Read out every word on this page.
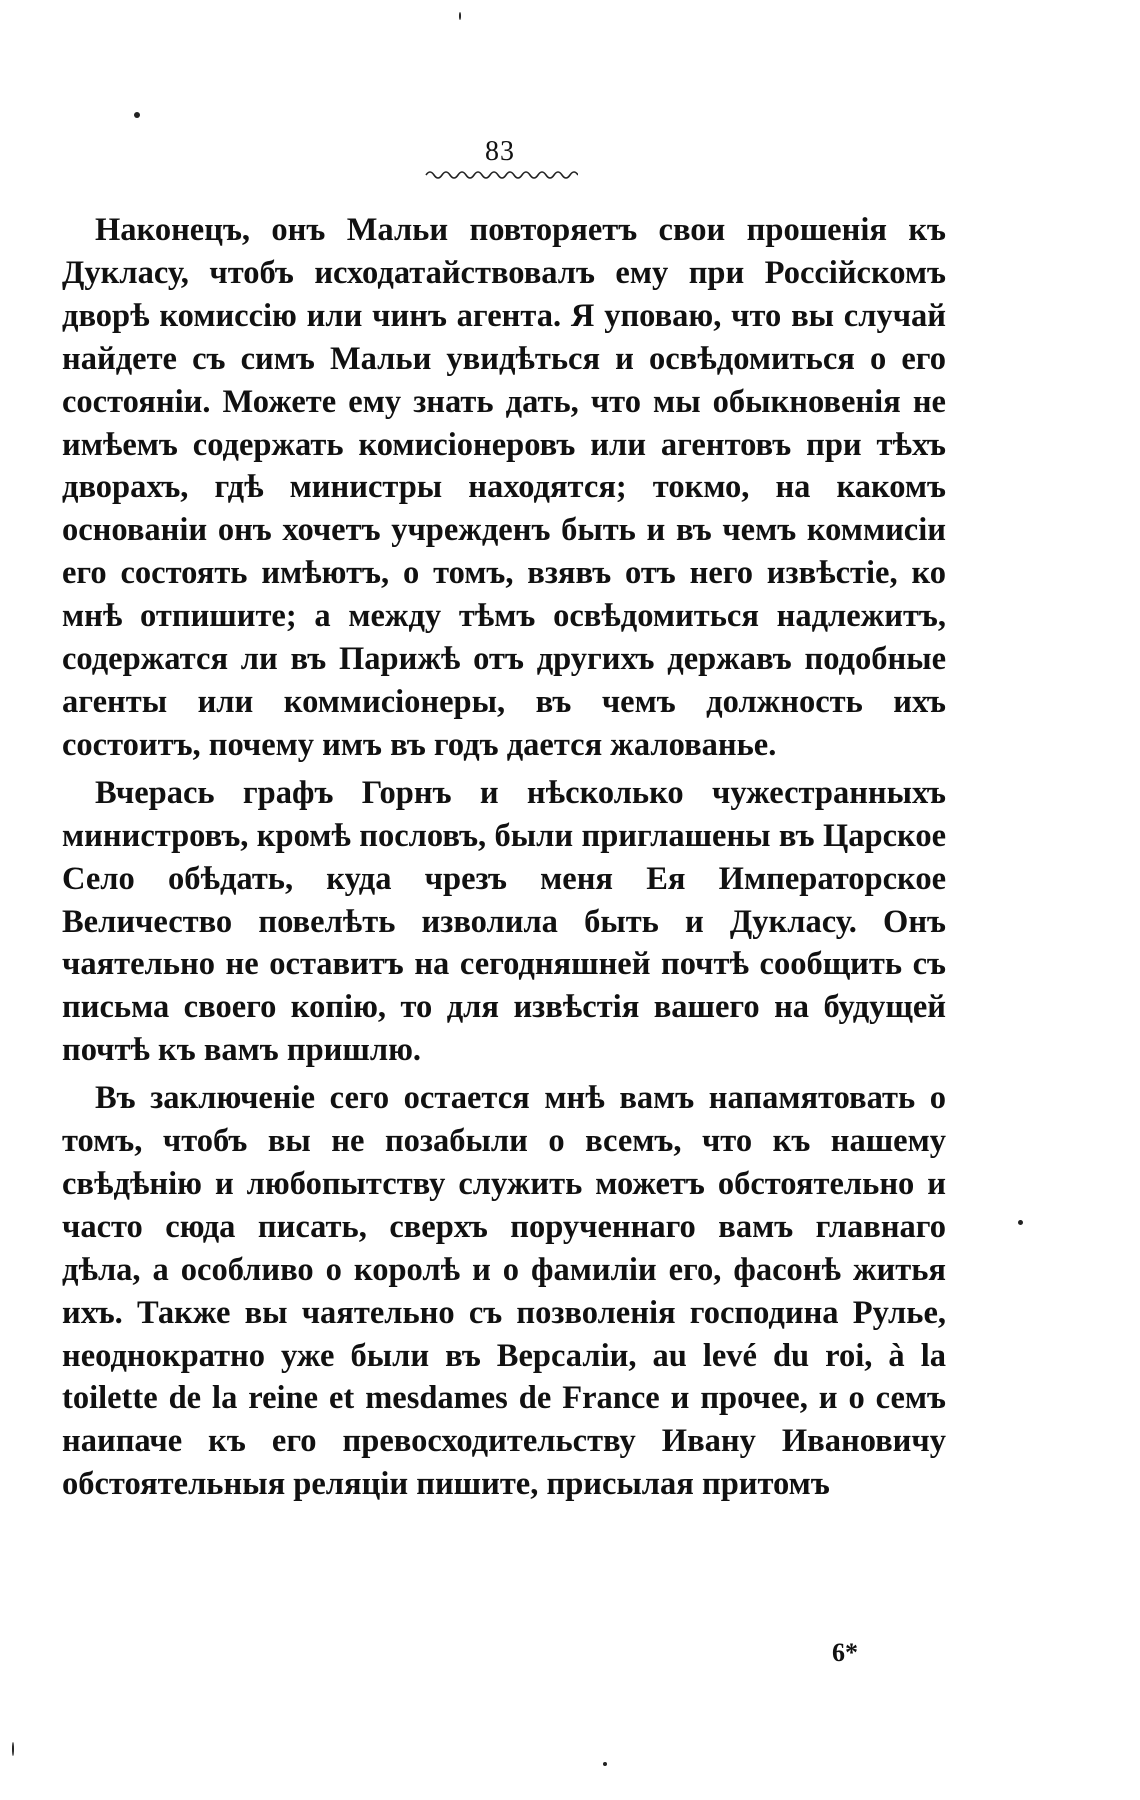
83

Наконецъ, онъ Мальи повторяетъ свои прошенія къ Дукласу, чтобъ исходатайствовалъ ему при Россійскомъ дворѣ комиссію или чинъ агента. Я уповаю, что вы случай найдете съ симъ Мальи увидѣться и освѣдомиться о его состояніи. Можете ему знать дать, что мы обыкновенія не имѣемъ содержать комисіонеровъ или агентовъ при тѣхъ дворахъ, гдѣ министры находятся; токмо, на какомъ основаніи онъ хочетъ учрежденъ быть и въ чемъ коммисіи его состоять имѣютъ, о томъ, взявъ отъ него извѣстіе, ко мнѣ отпишите; а между тѣмъ освѣдомиться надлежитъ, содержатся ли въ Парижѣ отъ другихъ державъ подобные агенты или коммисіонеры, въ чемъ должность ихъ состоитъ, почему имъ въ годъ дается жалованье.

Вчерась графъ Горнъ и нѣсколько чужестранныхъ министровъ, кромѣ пословъ, были приглашены въ Царское Село обѣдать, куда чрезъ меня Ея Императорское Величество повелѣть изволила быть и Дукласу. Онъ чаятельно не оставитъ на сегодняшней почтѣ сообщить съ письма своего копію, то для извѣстія вашего на будущей почтѣ къ вамъ пришлю.

Въ заключеніе сего остается мнѣ вамъ напамятовать о томъ, чтобъ вы не позабыли о всемъ, что къ нашему свѣдѣнію и любопытству служить можетъ обстоятельно и часто сюда писать, сверхъ порученнаго вамъ главнаго дѣла, а особливо о королѣ и о фамиліи его, фасонѣ житья ихъ. Также вы чаятельно съ позволенія господина Рулье, неоднократно уже были въ Версаліи, au levé du roi, à la toilette de la reine et mesdames de France и прочее, и о семъ наипаче къ его превосходительству Ивану Ивановичу обстоятельныя реляціи пишите, присылая притомъ

6*
